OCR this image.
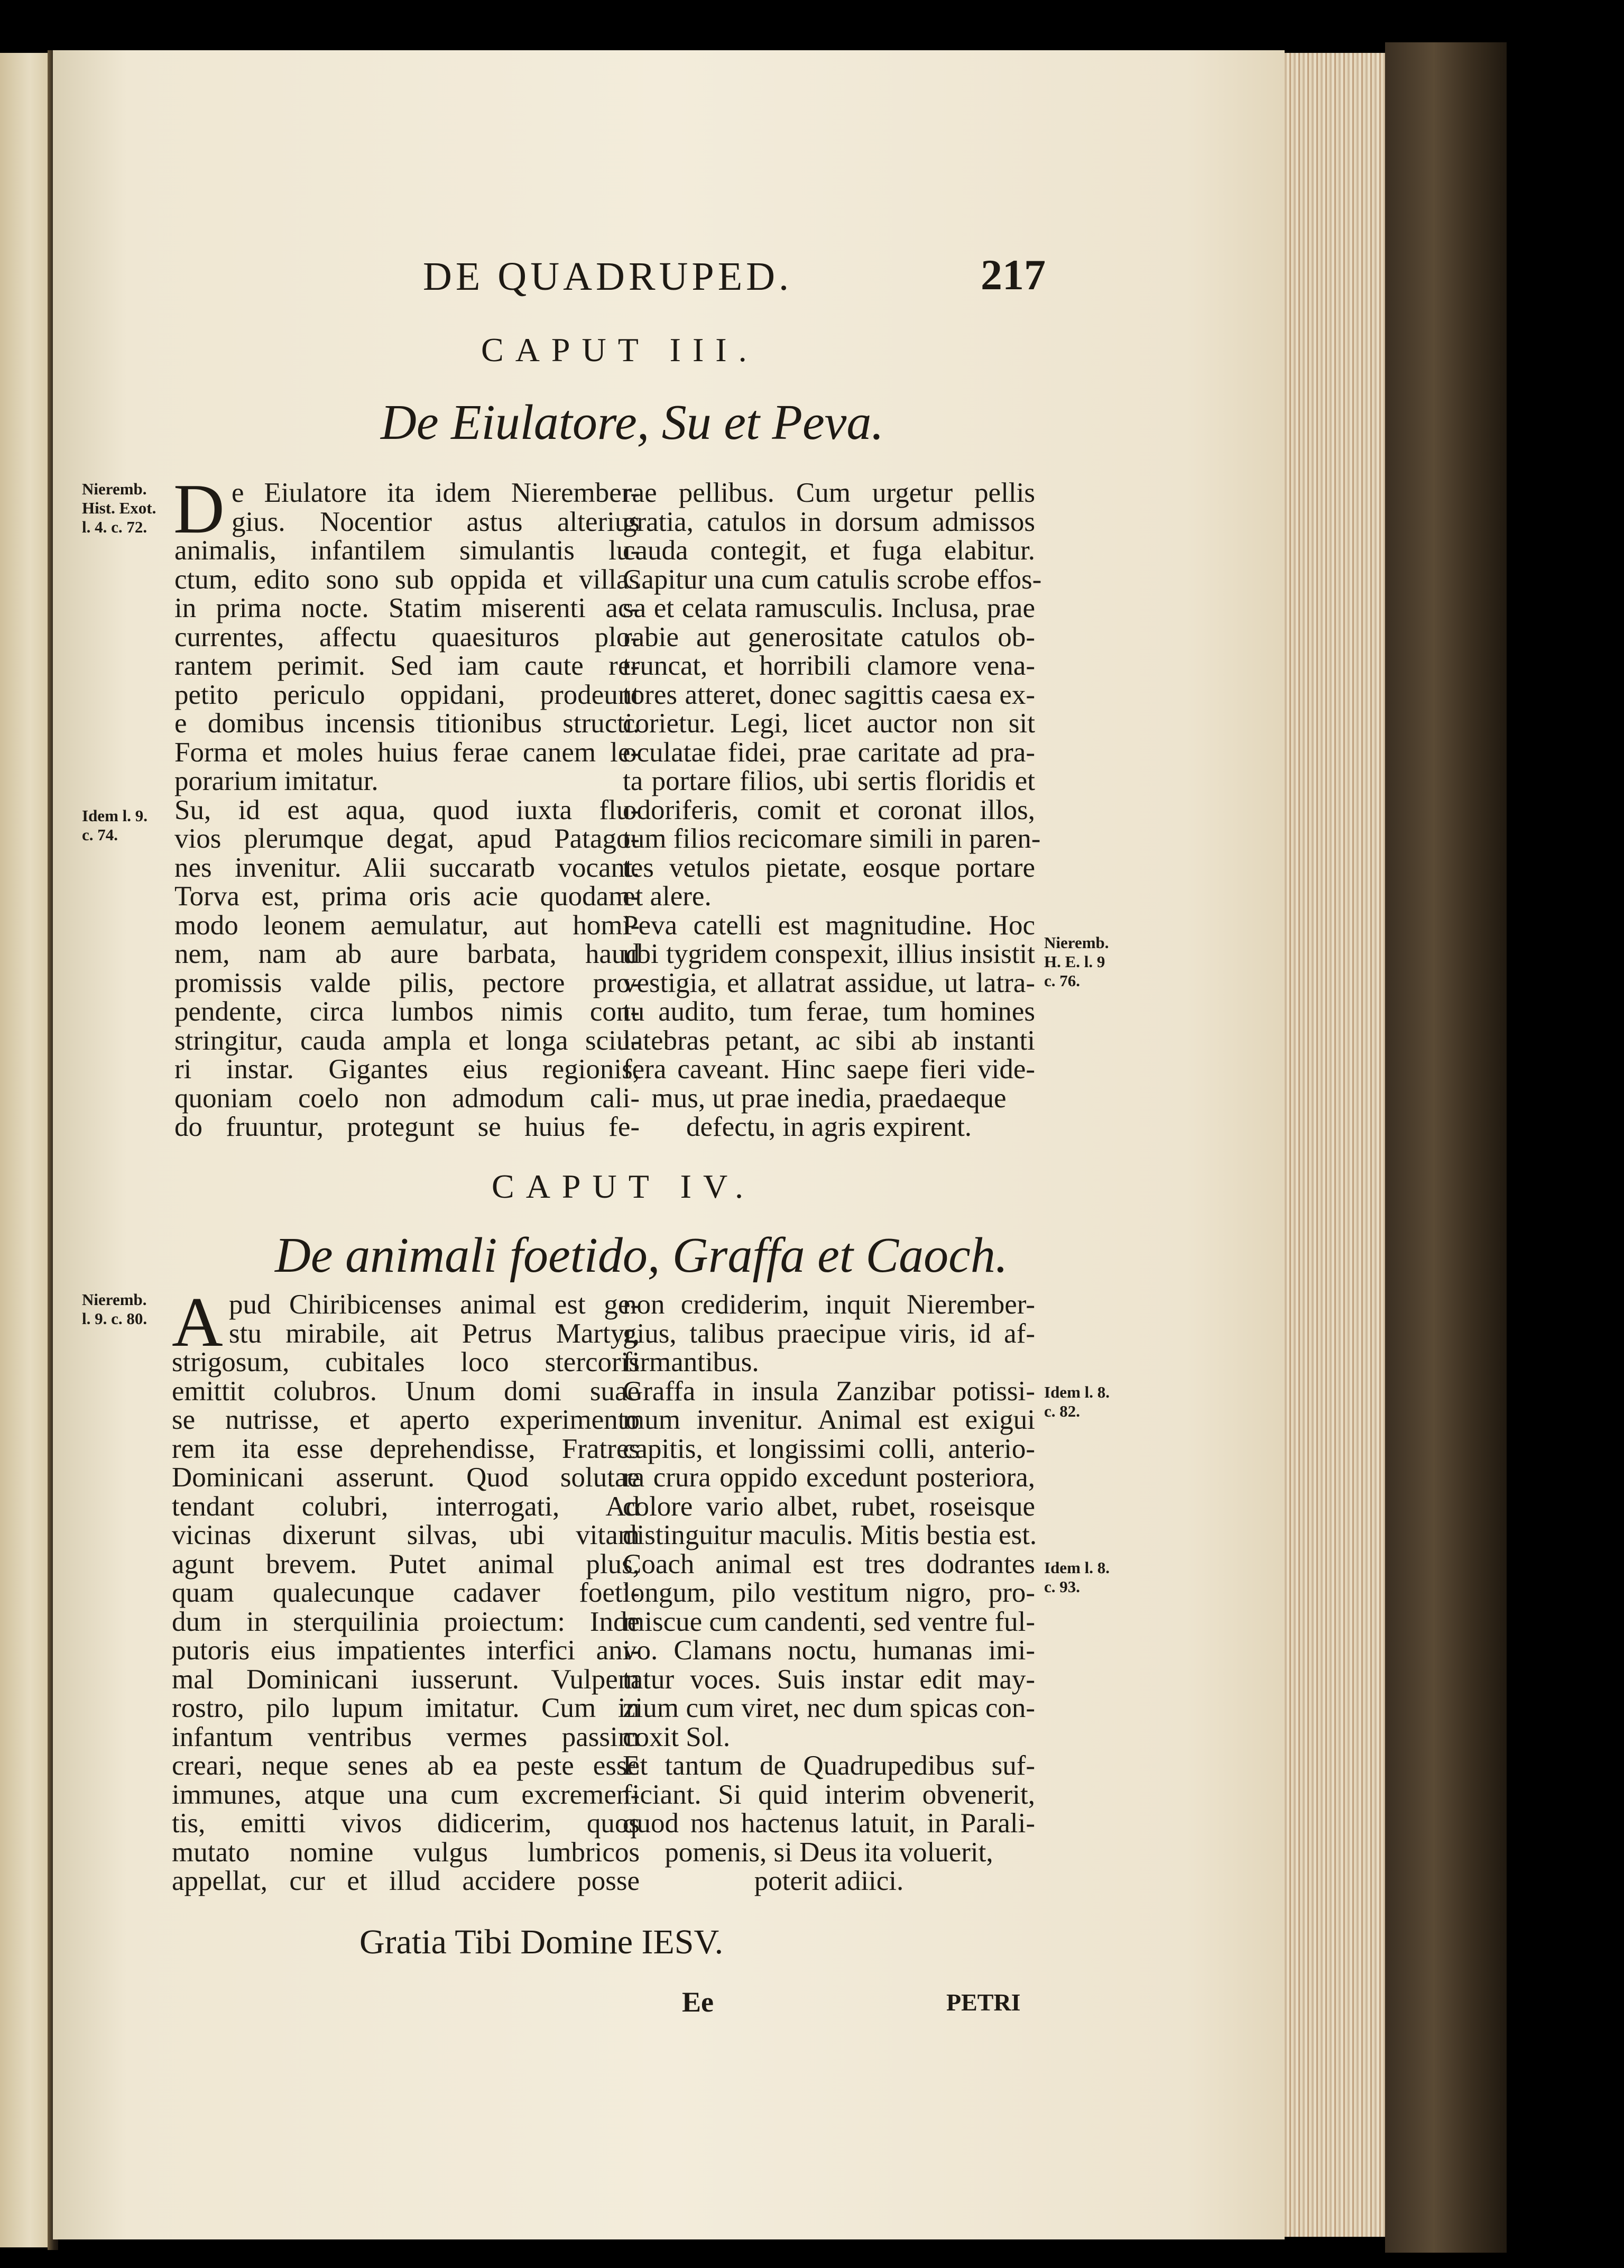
DE QUADRUPED.	217
CAPUT III.
De Eiulatore, Su et Peva.
Nieremb.
Hist. Exot.
l. 4. c. 72.
Idem l. 9.
c. 74.
Nieremb.
H. E. l. 9
c. 76.
D e Eiulatore ita idem Nierember-
gius. Nocentior astus alterius
animalis, infantilem simulantis lu-
ctum, edito sono sub oppida et villas
in prima nocte. Statim miserenti ac-
currentes, affectu quaesituros plo-
rantem perimit. Sed iam caute re-
petito periculo oppidani, prodeunt
e domibus incensis titionibus structi.
Forma et moles huius ferae canem le-
porarium imitatur.
Su, id est aqua, quod iuxta flu-
vios plerumque degat, apud Patago-
nes invenitur. Alii succaratb vocant.
Torva est, prima oris acie quodam-
modo leonem aemulatur, aut homi-
nem, nam ab aure barbata, haud
promissis valde pilis, pectore pro-
pendente, circa lumbos nimis con-
stringitur, cauda ampla et longa sciu-
ri instar. Gigantes eius regionis,
quoniam coelo non admodum cali-
do fruuntur, protegunt se huius fe-
rae pellibus. Cum urgetur pellis
gratia, catulos in dorsum admissos
cauda contegit, et fuga elabitur.
Capitur una cum catulis scrobe effos-
sa et celata ramusculis. Inclusa, prae
rabie aut generositate catulos ob-
truncat, et horribili clamore vena-
tores atteret, donec sagittis caesa ex-
corietur. Legi, licet auctor non sit
oculatae fidei, prae caritate ad pra-
ta portare filios, ubi sertis floridis et
odoriferis, comit et coronat illos,
tum filios recicomare simili in paren-
tes vetulos pietate, eosque portare
et alere.
Peva catelli est magnitudine. Hoc
ubi tygridem conspexit, illius insistit
vestigia, et allatrat assidue, ut latra-
tu audito, tum ferae, tum homines
latebras petant, ac sibi ab instanti
fera caveant. Hinc saepe fieri vide-
mus, ut prae inedia, praedaeque
defectu, in agris expirent.
CAPUT IV.
De animali foetido, Graffa et Caoch.
Nieremb.
l. 9. c. 80.
Idem l. 8.
c. 82.
Idem l. 8.
c. 93.
A pud Chiribicenses animal est ge-
stu mirabile, ait Petrus Martyr,
strigosum, cubitales loco stercoris
emittit colubros. Unum domi suae
se nutrisse, et aperto experimento
rem ita esse deprehendisse, Fratres
Dominicani asserunt. Quod solutae
tendant colubri, interrogati, Ad
vicinas dixerunt silvas, ubi vitam
agunt brevem. Putet animal plus,
quam qualecunque cadaver foeti-
dum in sterquilinia proiectum: Inde
putoris eius impatientes interfici ani-
mal Dominicani iusserunt. Vulpem
rostro, pilo lupum imitatur. Cum in
infantum ventribus vermes passim
creari, neque senes ab ea peste esse
immunes, atque una cum excremen-
tis, emitti vivos didicerim, quos
mutato nomine vulgus lumbricos
appellat, cur et illud accidere posse
non crediderim, inquit Nierember-
gius, talibus praecipue viris, id af-
firmantibus.
Graffa in insula Zanzibar potissi-
mum invenitur. Animal est exigui
capitis, et longissimi colli, anterio-
ra crura oppido excedunt posteriora,
colore vario albet, rubet, roseisque
distinguitur maculis. Mitis bestia est.
Coach animal est tres dodrantes
longum, pilo vestitum nigro, pro-
miscue cum candenti, sed ventre ful-
vo. Clamans noctu, humanas imi-
tatur voces. Suis instar edit may-
zium cum viret, nec dum spicas con-
coxit Sol.
Et tantum de Quadrupedibus suf-
ficiant. Si quid interim obvenerit,
quod nos hactenus latuit, in Parali-
pomenis, si Deus ita voluerit,
poterit adiici.
Gratia Tibi Domine IESV.
Ee	PETRI
